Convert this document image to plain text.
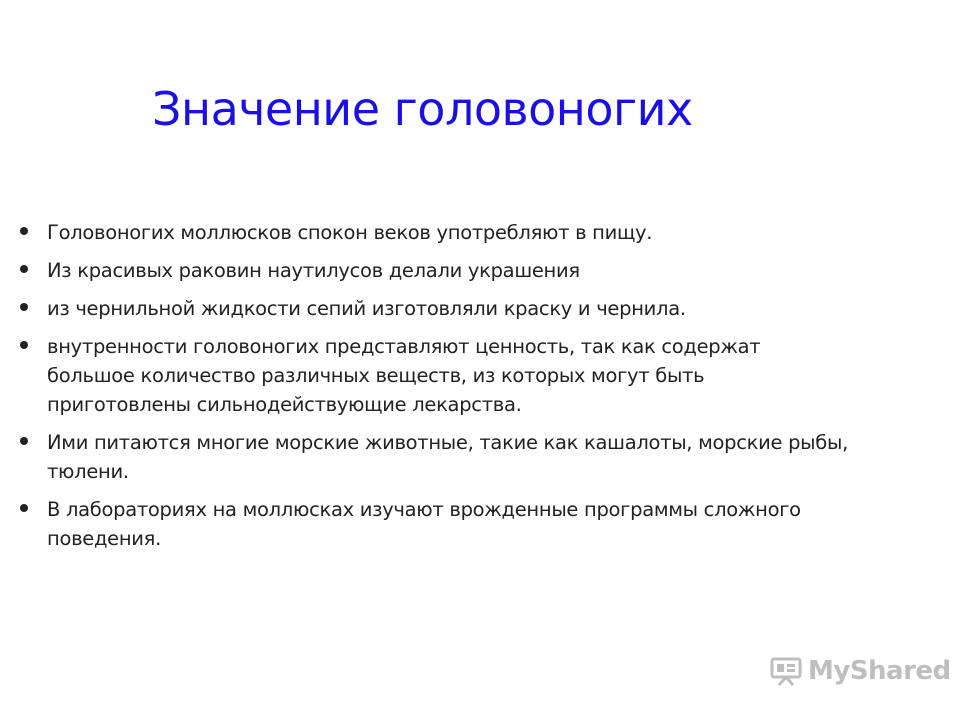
Значение головоногих
Головоногих моллюсков спокон веков употребляют в пищу.
Из красивых раковин наутилусов делали украшения
из чернильной жидкости сепий изготовляли краску и чернила.
внутренности головоногих представляют ценность, так как содержат большое количество различных веществ, из которых могут быть приготовлены сильнодействующие лекарства.
Ими питаются многие морские животные, такие как кашалоты, морские рыбы, тюлени.
В лабораториях на моллюсках изучают врожденные программы сложного поведения.
MyShared
